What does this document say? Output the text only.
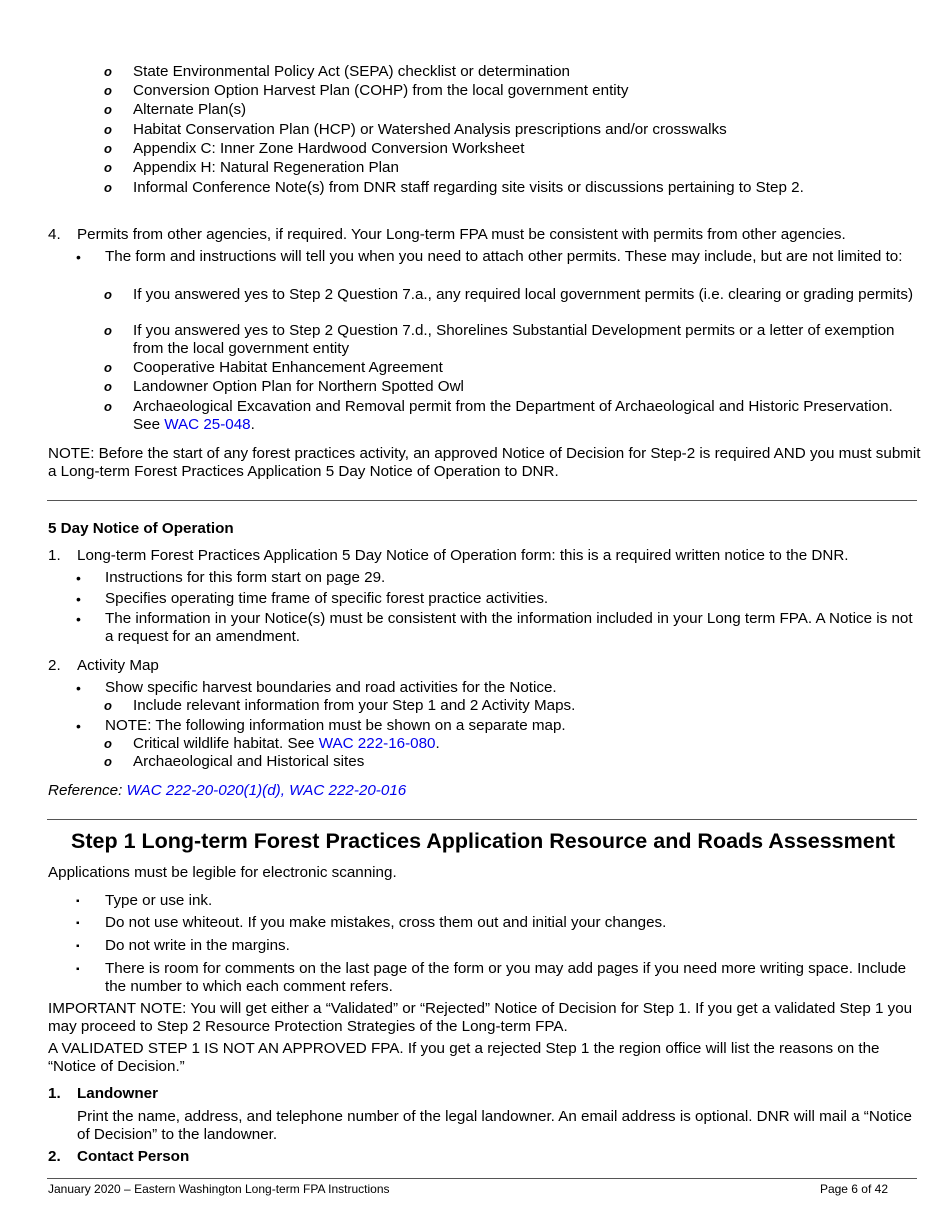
o State Environmental Policy Act (SEPA) checklist or determination
o Conversion Option Harvest Plan (COHP) from the local government entity
o Alternate Plan(s)
o Habitat Conservation Plan (HCP) or Watershed Analysis prescriptions and/or crosswalks
o Appendix C: Inner Zone Hardwood Conversion Worksheet
o Appendix H: Natural Regeneration Plan
o Informal Conference Note(s) from DNR staff regarding site visits or discussions pertaining to Step 2.
4. Permits from other agencies, if required. Your Long-term FPA must be consistent with permits from other agencies.
• The form and instructions will tell you when you need to attach other permits. These may include, but are not limited to:
o If you answered yes to Step 2 Question 7.a., any required local government permits (i.e. clearing or grading permits)
o If you answered yes to Step 2 Question 7.d., Shorelines Substantial Development permits or a letter of exemption from the local government entity
o Cooperative Habitat Enhancement Agreement
o Landowner Option Plan for Northern Spotted Owl
o Archaeological Excavation and Removal permit from the Department of Archaeological and Historic Preservation. See WAC 25-048.
NOTE: Before the start of any forest practices activity, an approved Notice of Decision for Step-2 is required AND you must submit a Long-term Forest Practices Application 5 Day Notice of Operation to DNR.
5 Day Notice of Operation
1. Long-term Forest Practices Application 5 Day Notice of Operation form: this is a required written notice to the DNR.
• Instructions for this form start on page 29.
• Specifies operating time frame of specific forest practice activities.
• The information in your Notice(s) must be consistent with the information included in your Long term FPA. A Notice is not a request for an amendment.
2. Activity Map
• Show specific harvest boundaries and road activities for the Notice.
o Include relevant information from your Step 1 and 2 Activity Maps.
• NOTE: The following information must be shown on a separate map.
o Critical wildlife habitat. See WAC 222-16-080.
o Archaeological and Historical sites
Reference: WAC 222-20-020(1)(d), WAC 222-20-016
Step 1 Long-term Forest Practices Application Resource and Roads Assessment
Applications must be legible for electronic scanning.
▪ Type or use ink.
▪ Do not use whiteout. If you make mistakes, cross them out and initial your changes.
▪ Do not write in the margins.
▪ There is room for comments on the last page of the form or you may add pages if you need more writing space. Include the number to which each comment refers.
IMPORTANT NOTE: You will get either a “Validated” or “Rejected” Notice of Decision for Step 1. If you get a validated Step 1 you may proceed to Step 2 Resource Protection Strategies of the Long-term FPA.
A VALIDATED STEP 1 IS NOT AN APPROVED FPA. If you get a rejected Step 1 the region office will list the reasons on the “Notice of Decision.”
1. Landowner
Print the name, address, and telephone number of the legal landowner. An email address is optional. DNR will mail a “Notice of Decision” to the landowner.
2. Contact Person
January 2020 – Eastern Washington Long-term FPA Instructions	Page 6 of 42
